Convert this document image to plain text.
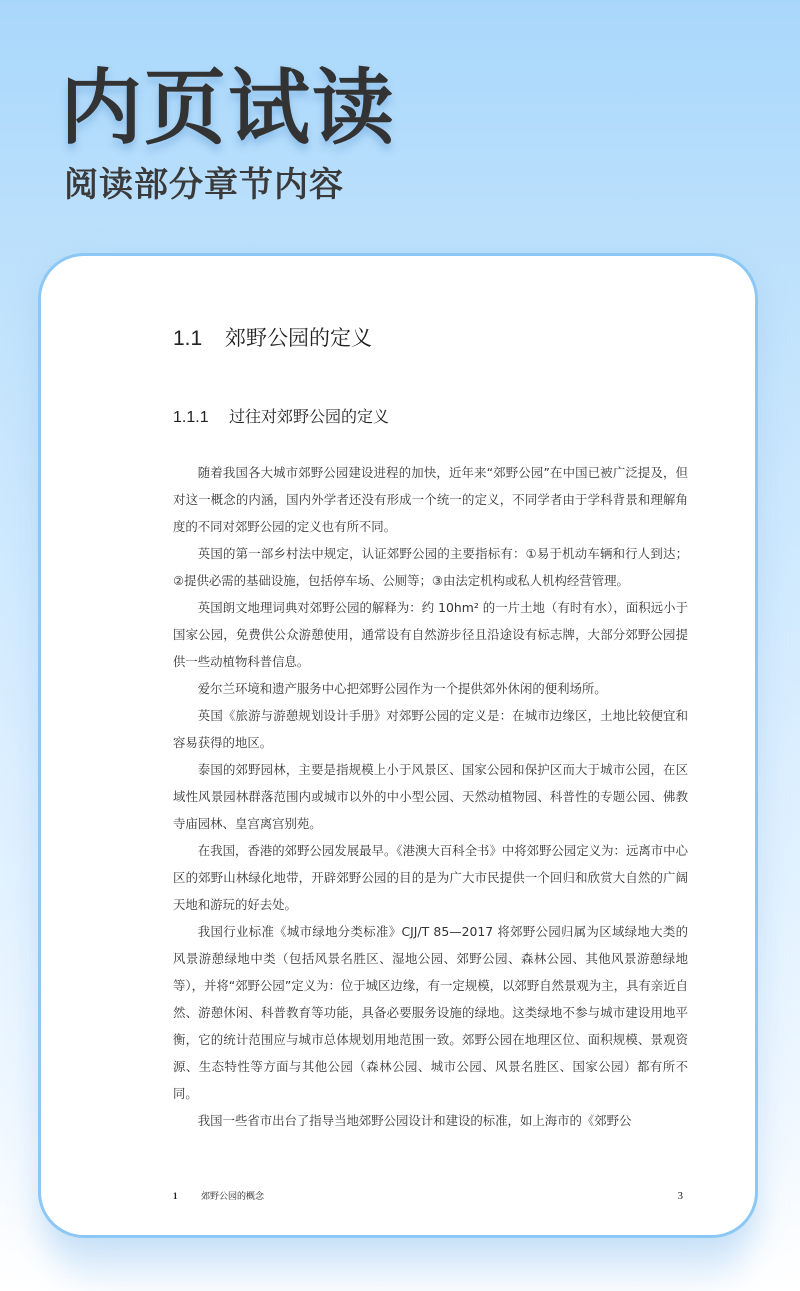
内页试读
阅读部分章节内容
1.1 郊野公园的定义
1.1.1 过往对郊野公园的定义

随着我国各大城市郊野公园建设进程的加快，近年来“郊野公园”在中国已被广泛提及，但对这一概念的内涵，国内外学者还没有形成一个统一的定义，不同学者由于学科背景和理解角度的不同对郊野公园的定义也有所不同。

英国的第一部乡村法中规定，认证郊野公园的主要指标有：①易于机动车辆和行人到达；②提供必需的基础设施，包括停车场、公厕等；③由法定机构或私人机构经营管理。

英国朗文地理词典对郊野公园的解释为：约 10hm² 的一片土地（有时有水），面积远小于国家公园，免费供公众游憩使用，通常设有自然游步径且沿途设有标志牌，大部分郊野公园提供一些动植物科普信息。

爱尔兰环境和遗产服务中心把郊野公园作为一个提供郊外休闲的便利场所。

英国《旅游与游憩规划设计手册》对郊野公园的定义是：在城市边缘区，土地比较便宜和容易获得的地区。

泰国的郊野园林，主要是指规模上小于风景区、国家公园和保护区而大于城市公园，在区域性风景园林群落范围内或城市以外的中小型公园、天然动植物园、科普性的专题公园、佛教寺庙园林、皇宫离宫别苑。

在我国，香港的郊野公园发展最早。《港澳大百科全书》中将郊野公园定义为：远离市中心区的郊野山林绿化地带，开辟郊野公园的目的是为广大市民提供一个回归和欣赏大自然的广阔天地和游玩的好去处。

我国行业标准《城市绿地分类标准》CJJ/T 85—2017 将郊野公园归属为区域绿地大类的风景游憩绿地中类（包括风景名胜区、湿地公园、郊野公园、森林公园、其他风景游憩绿地等），并将“郊野公园”定义为：位于城区边缘，有一定规模，以郊野自然景观为主，具有亲近自然、游憩休闲、科普教育等功能，具备必要服务设施的绿地。这类绿地不参与城市建设用地平衡，它的统计范围应与城市总体规划用地范围一致。郊野公园在地理区位、面积规模、景观资源、生态特性等方面与其他公园（森林公园、城市公园、风景名胜区、国家公园）都有所不同。

我国一些省市出台了指导当地郊野公园设计和建设的标准，如上海市的《郊野公

1	郊野公园的概念	3
